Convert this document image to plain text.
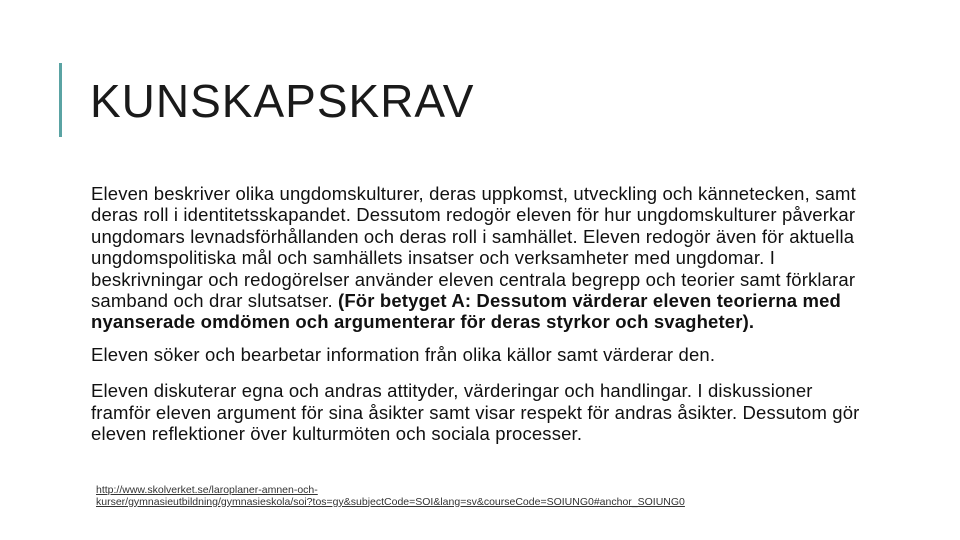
KUNSKAPSKRAV

Eleven beskriver olika ungdomskulturer, deras uppkomst, utveckling och kännetecken, samt deras roll i identitetsskapandet. Dessutom redogör eleven för hur ungdomskulturer påverkar ungdomars levnadsförhållanden och deras roll i samhället. Eleven redogör även för aktuella ungdomspolitiska mål och samhällets insatser och verksamheter med ungdomar. I beskrivningar och redogörelser använder eleven centrala begrepp och teorier samt förklarar samband och drar slutsatser. (För betyget A: Dessutom värderar eleven teorierna med nyanserade omdömen och argumenterar för deras styrkor och svagheter).

Eleven söker och bearbetar information från olika källor samt värderar den.

Eleven diskuterar egna och andras attityder, värderingar och handlingar. I diskussioner framför eleven argument för sina åsikter samt visar respekt för andras åsikter. Dessutom gör eleven reflektioner över kulturmöten och sociala processer.

http://www.skolverket.se/laroplaner-amnen-och-
kurser/gymnasieutbildning/gymnasieskola/soi?tos=gy&subjectCode=SOI&lang=sv&courseCode=SOIUNG0#anchor_SOIUNG0
